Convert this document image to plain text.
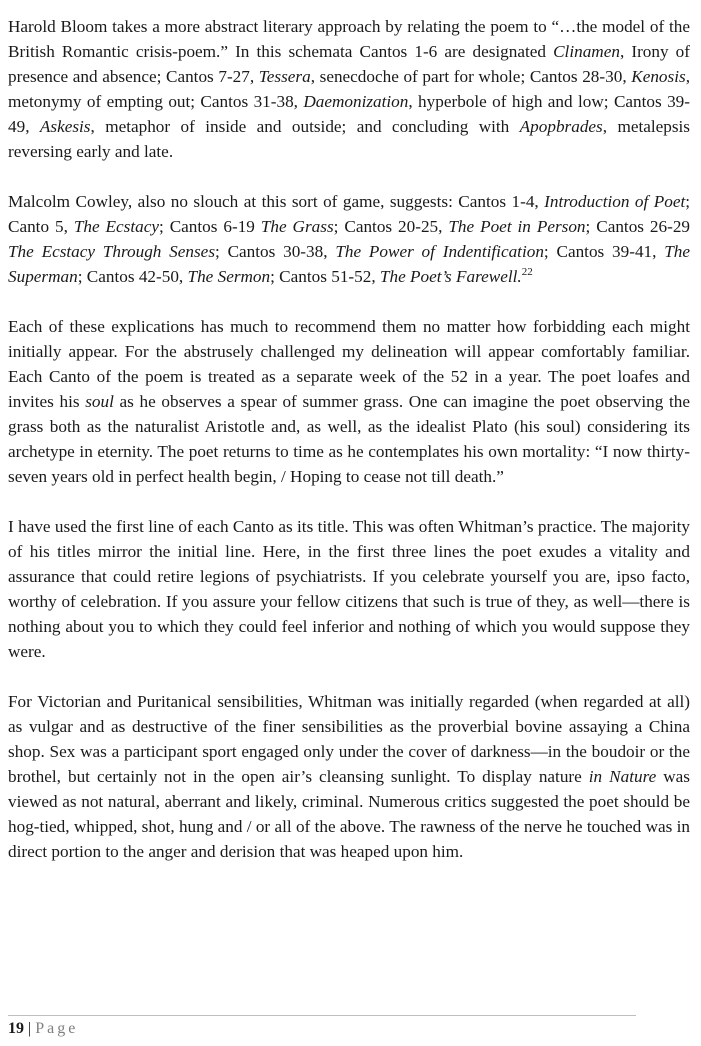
Harold Bloom takes a more abstract literary approach by relating the poem to “…the model of the British Romantic crisis-poem.” In this schemata Cantos 1-6 are designated Clinamen, Irony of presence and absence; Cantos 7-27, Tessera, senecdoche of part for whole; Cantos 28-30, Kenosis, metonymy of empting out; Cantos 31-38, Daemonization, hyperbole of high and low; Cantos 39-49, Askesis, metaphor of inside and outside; and concluding with Apopbrades, metalepsis reversing early and late.

Malcolm Cowley, also no slouch at this sort of game, suggests: Cantos 1-4, Introduction of Poet; Canto 5, The Ecstacy; Cantos 6-19 The Grass; Cantos 20-25, The Poet in Person; Cantos 26-29 The Ecstacy Through Senses; Cantos 30-38, The Power of Indentification; Cantos 39-41, The Superman; Cantos 42-50, The Sermon; Cantos 51-52, The Poet’s Farewell.$^{22}$

Each of these explications has much to recommend them no matter how forbidding each might initially appear. For the abstrusely challenged my delineation will appear comfortably familiar. Each Canto of the poem is treated as a separate week of the 52 in a year. The poet loafes and invites his soul as he observes a spear of summer grass. One can imagine the poet observing the grass both as the naturalist Aristotle and, as well, as the idealist Plato (his soul) considering its archetype in eternity. The poet returns to time as he contemplates his own mortality: “I now thirty-seven years old in perfect health begin, / Hoping to cease not till death.”

I have used the first line of each Canto as its title. This was often Whitman’s practice. The majority of his titles mirror the initial line. Here, in the first three lines the poet exudes a vitality and assurance that could retire legions of psychiatrists. If you celebrate yourself you are, ipso facto, worthy of celebration. If you assure your fellow citizens that such is true of they, as well—there is nothing about you to which they could feel inferior and nothing of which you would suppose they were.

For Victorian and Puritanical sensibilities, Whitman was initially regarded (when regarded at all) as vulgar and as destructive of the finer sensibilities as the proverbial bovine assaying a China shop. Sex was a participant sport engaged only under the cover of darkness—in the boudoir or the brothel, but certainly not in the open air’s cleansing sunlight. To display nature in Nature was viewed as not natural, aberrant and likely, criminal. Numerous critics suggested the poet should be hog-tied, whipped, shot, hung and / or all of the above. The rawness of the nerve he touched was in direct portion to the anger and derision that was heaped upon him.

19 | Page
